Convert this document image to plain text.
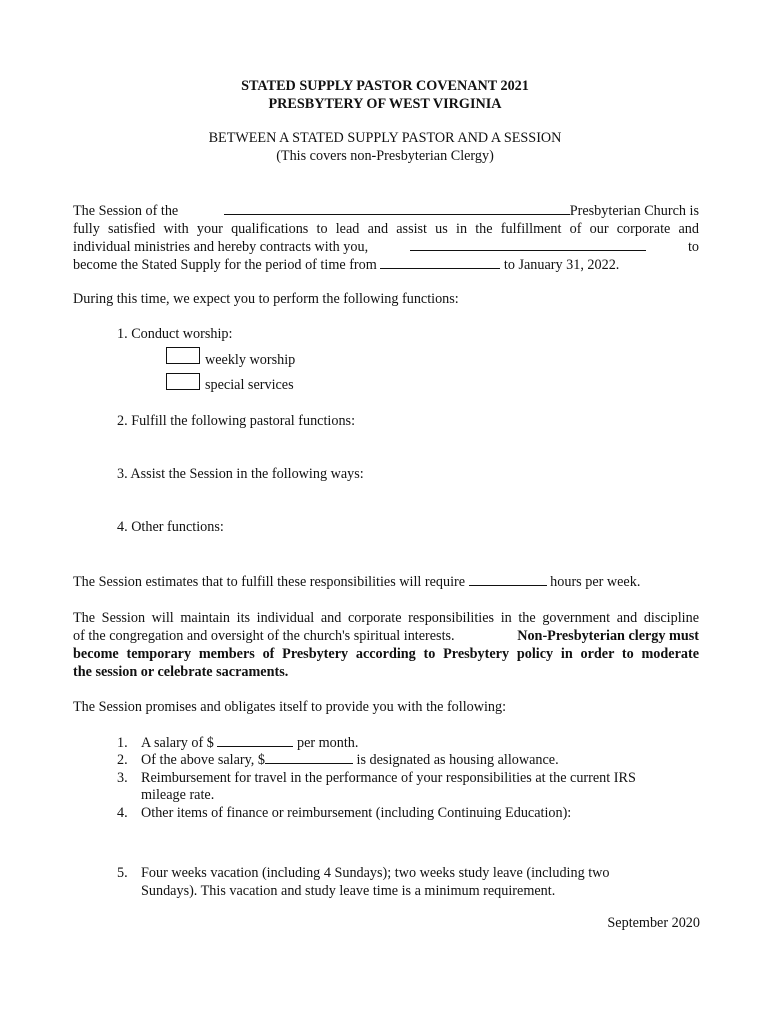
STATED SUPPLY PASTOR COVENANT 2021
PRESBYTERY OF WEST VIRGINIA
BETWEEN A STATED SUPPLY PASTOR AND A SESSION
(This covers non-Presbyterian Clergy)
The Session of the	Presbyterian Church is
fully satisfied with your qualifications to lead and assist us in the fulfillment of our corporate and
individual ministries and hereby contracts with you,	to
become the Stated Supply for the period of time from	to January 31, 2022.
During this time, we expect you to perform the following functions:
1. Conduct worship:
weekly worship
special services
2. Fulfill the following pastoral functions:
3. Assist the Session in the following ways:
4. Other functions:
The Session estimates that to fulfill these responsibilities will require	hours per week.
The Session will maintain its individual and corporate responsibilities in the government and discipline
of the congregation and oversight of the church's spiritual interests.	Non-Presbyterian clergy must
become temporary members of Presbytery according to Presbytery policy in order to moderate
the session or celebrate sacraments.
The Session promises and obligates itself to provide you with the following:
1. A salary of $	per month.
2. Of the above salary, $	is designated as housing allowance.
3. Reimbursement for travel in the performance of your responsibilities at the current IRS
mileage rate.
4. Other items of finance or reimbursement (including Continuing Education):
5. Four weeks vacation (including 4 Sundays); two weeks study leave (including two
Sundays). This vacation and study leave time is a minimum requirement.
September 2020
